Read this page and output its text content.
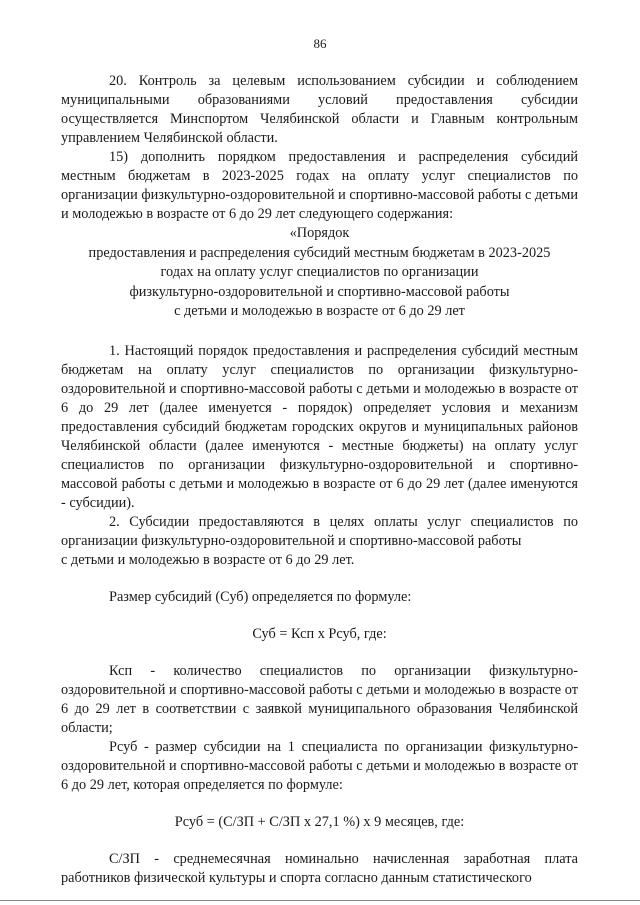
86

20. Контроль за целевым использованием субсидии и соблюдением муниципальными образованиями условий предоставления субсидии осуществляется Минспортом Челябинской области и Главным контрольным управлением Челябинской области.

15) дополнить порядком предоставления и распределения субсидий местным бюджетам в 2023-2025 годах на оплату услуг специалистов по организации физкультурно-оздоровительной и спортивно-массовой работы с детьми и молодежью в возрасте от 6 до 29 лет следующего содержания:

«Порядок
предоставления и распределения субсидий местным бюджетам в 2023-2025
годах на оплату услуг специалистов по организации
физкультурно-оздоровительной и спортивно-массовой работы
с детьми и молодежью в возрасте от 6 до 29 лет

1. Настоящий порядок предоставления и распределения субсидий местным бюджетам на оплату услуг специалистов по организации физкультурно-оздоровительной и спортивно-массовой работы с детьми и молодежью в возрасте от 6 до 29 лет (далее именуется - порядок) определяет условия и механизм предоставления субсидий бюджетам городских округов и муниципальных районов Челябинской области (далее именуются - местные бюджеты) на оплату услуг специалистов по организации физкультурно-оздоровительной и спортивно-массовой работы с детьми и молодежью в возрасте от 6 до 29 лет (далее именуются - субсидии).

2. Субсидии предоставляются в целях оплаты услуг специалистов по организации физкультурно-оздоровительной и спортивно-массовой работы

с детьми и молодежью в возрасте от 6 до 29 лет.

Размер субсидий (Суб) определяется по формуле:

Суб = Ксп х Рсуб, где:

Ксп - количество специалистов по организации физкультурно-оздоровительной и спортивно-массовой работы с детьми и молодежью в возрасте от 6 до 29 лет в соответствии с заявкой муниципального образования Челябинской области;

Рсуб - размер субсидии на 1 специалиста по организации физкультурно-оздоровительной и спортивно-массовой работы с детьми и молодежью в возрасте от 6 до 29 лет, которая определяется по формуле:

Рсуб = (С/ЗП + С/ЗП х 27,1 %) х 9 месяцев, где:

С/ЗП - среднемесячная номинально начисленная заработная плата работников физической культуры и спорта согласно данным статистического
